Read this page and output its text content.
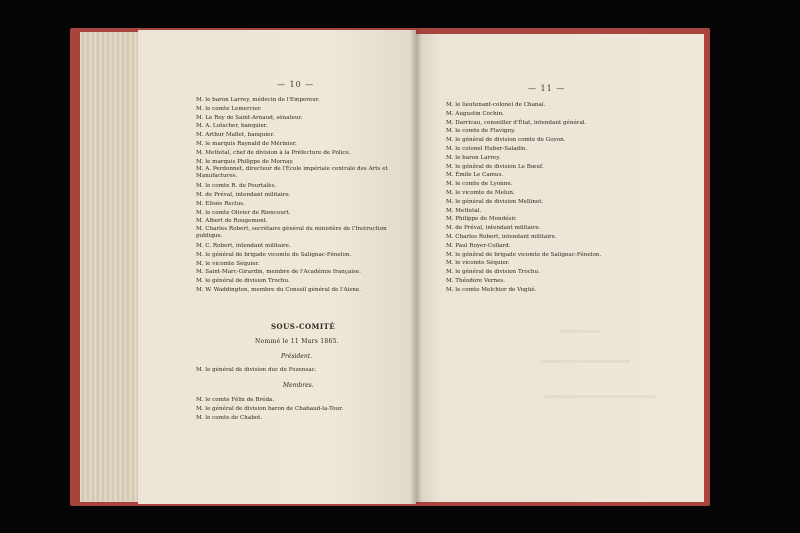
— 10 —
M. le baron Larrey, médecin de l'Empereur.
M. le comte Lemercier.
M. Le Roy de Saint-Arnaud, sénateur.
M. A. Lutscher, banquier.
M. Arthur Mallet, banquier.
M. le marquis Raynald de Mérinier.
M. Mettetal, chef de division à la Préfecture de Police.
M. le marquis Philippe de Mornay.
M. A. Perdonnet, directeur de l'École impériale centrale des Arts et Manufactures.
M. le comte R. de Pourtalès.
M. de Préval, intendant militaire.
M. Elisée Reclus.
M. le comte Olivier de Riencourt.
M. Albert de Rougemont.
M. Charles Robert, secrétaire général du ministère de l'Instruction publique.
M. C. Robert, intendant militaire.
M. le général de brigade vicomte de Salignac-Fénelon.
M. le vicomte Séquier.
M. Saint-Marc-Girardin, membre de l'Académie française.
M. le général de division Trochu.
M. W. Waddington, membre du Conseil général de l'Aisne.
SOUS-COMITÉ
Nommé le 11 Mars 1865.
Président.
M. le général de division duc de Fezensac.
Membres.
M. le comte Félix de Bréda.
M. le général de division baron de Chabaud-la-Tour.
M. le comte de Chabot.
— 11 —
M. le lieutenant-colonel de Chanal.
M. Augustin Cochin.
M. Darricau, conseiller d'État, intendant général.
M. le comte de Flavigny.
M. le général de division comte de Goyon.
M. le colonel Huber-Saladin.
M. le baron Larrey.
M. le général de division Le Bœuf.
M. Émile Le Camus.
M. le comte de Lyonne.
M. le vicomte de Melun.
M. le général de division Mellinet.
M. Mettetal.
M. Philippe de Mondésir.
M. de Préval, intendant militaire.
M. Charles Robert, intendant militaire.
M. Paul Royer-Collard.
M. le général de brigade vicomte de Salignac-Fénelon.
M. le vicomte Séquier.
M. le général de division Trochu.
M. Théodore Vernes.
M. le comte Melchior de Vogüé.
